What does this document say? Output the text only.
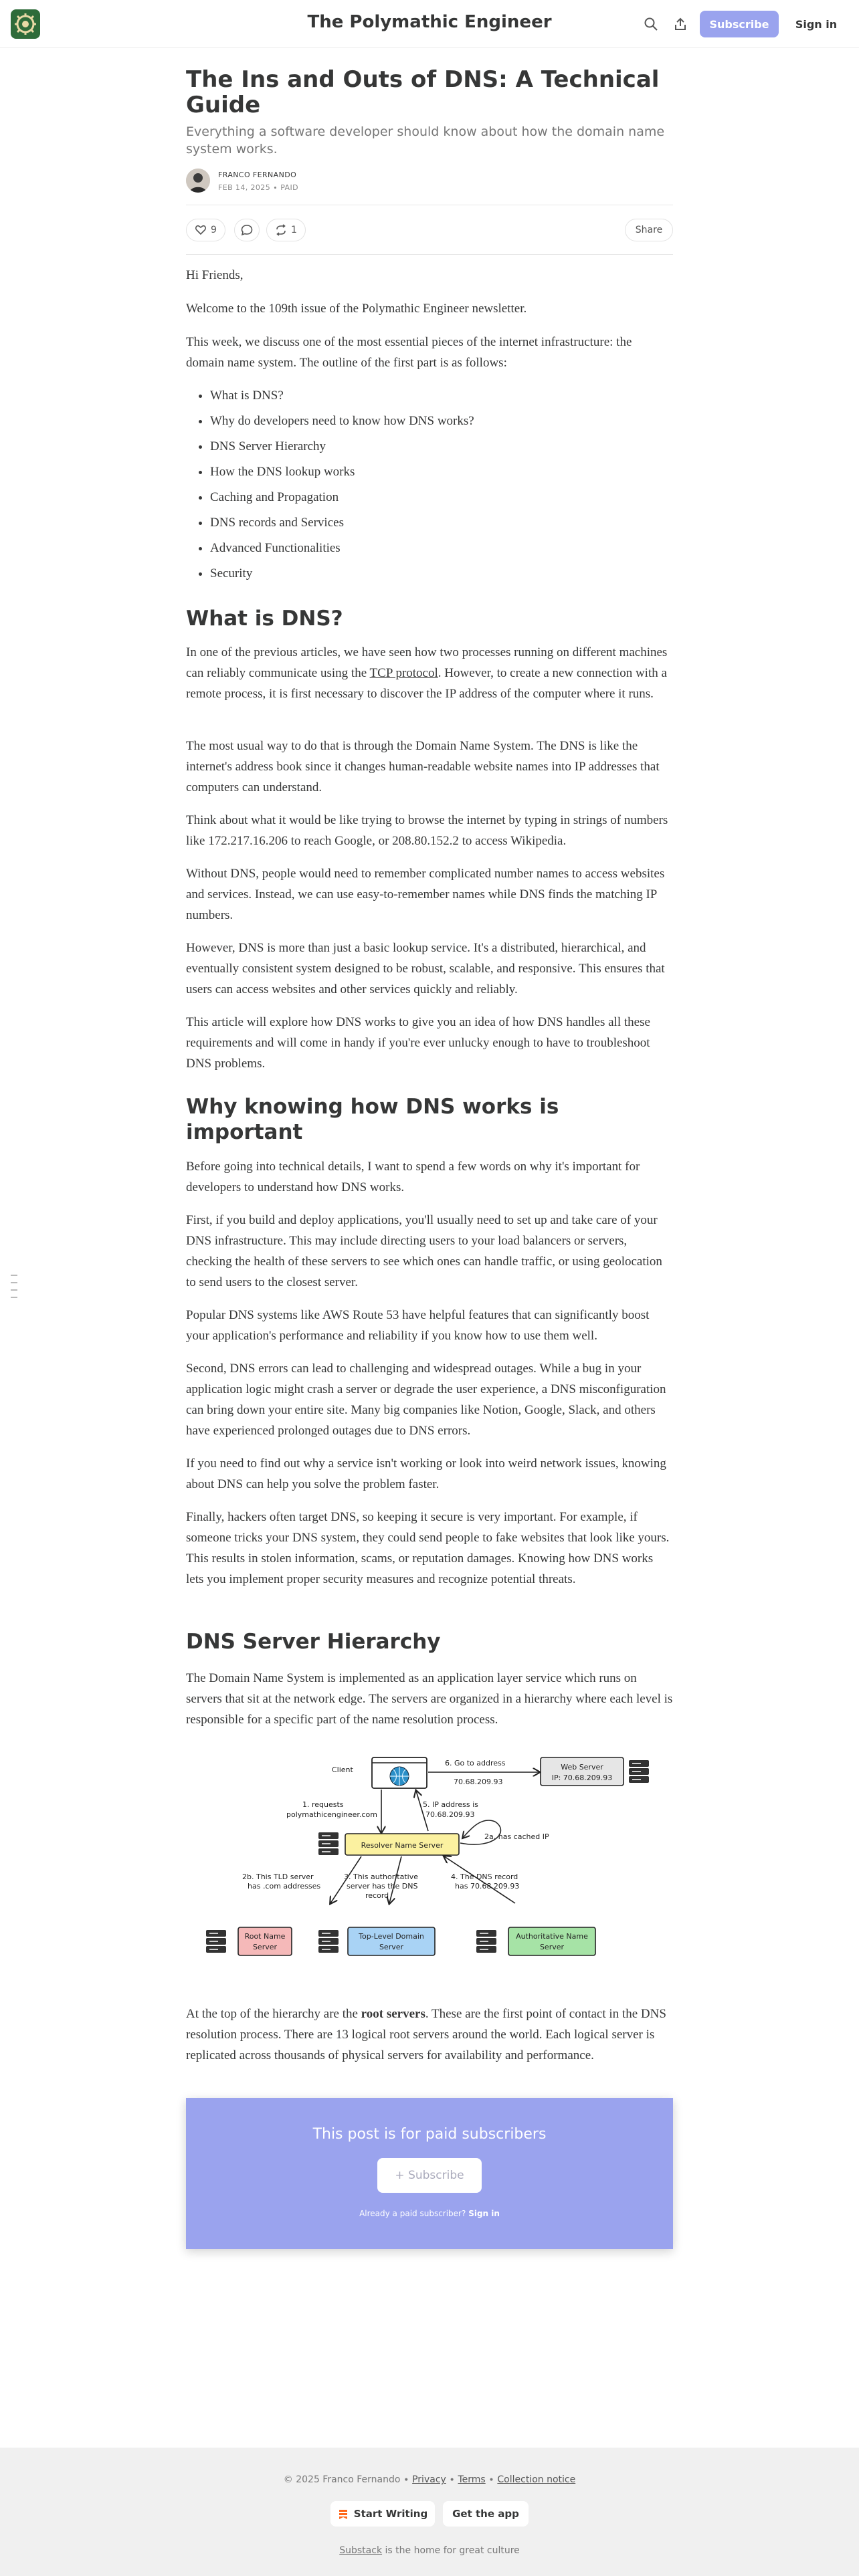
The Polymathic Engineer	Subscribe	Sign in
The Ins and Outs of DNS: A Technical Guide
Everything a software developer should know about how the domain name system works.
FRANCO FERNANDO
FEB 14, 2025 ∙ PAID
9	1	Share

Hi Friends,

Welcome to the 109th issue of the Polymathic Engineer newsletter.

This week, we discuss one of the most essential pieces of the internet infrastructure: the domain name system. The outline of the first part is as follows:

• What is DNS?
• Why do developers need to know how DNS works?
• DNS Server Hierarchy
• How the DNS lookup works
• Caching and Propagation
• DNS records and Services
• Advanced Functionalities
• Security
What is DNS?

In one of the previous articles, we have seen how two processes running on different machines can reliably communicate using the TCP protocol. However, to create a new connection with a remote process, it is first necessary to discover the IP address of the computer where it runs.

The most usual way to do that is through the Domain Name System. The DNS is like the internet's address book since it changes human-readable website names into IP addresses that computers can understand.

Think about what it would be like trying to browse the internet by typing in strings of numbers like 172.217.16.206 to reach Google, or 208.80.152.2 to access Wikipedia.

Without DNS, people would need to remember complicated number names to access websites and services. Instead, we can use easy-to-remember names while DNS finds the matching IP numbers.

However, DNS is more than just a basic lookup service. It's a distributed, hierarchical, and eventually consistent system designed to be robust, scalable, and responsive. This ensures that users can access websites and other services quickly and reliably.

This article will explore how DNS works to give you an idea of how DNS handles all these requirements and will come in handy if you're ever unlucky enough to have to troubleshoot DNS problems.

Why knowing how DNS works is important

Before going into technical details, I want to spend a few words on why it's important for developers to understand how DNS works.

First, if you build and deploy applications, you'll usually need to set up and take care of your DNS infrastructure. This may include directing users to your load balancers or servers, checking the health of these servers to see which ones can handle traffic, or using geolocation to send users to the closest server.

Popular DNS systems like AWS Route 53 have helpful features that can significantly boost your application's performance and reliability if you know how to use them well.

Second, DNS errors can lead to challenging and widespread outages. While a bug in your application logic might crash a server or degrade the user experience, a DNS misconfiguration can bring down your entire site. Many big companies like Notion, Google, Slack, and others have experienced prolonged outages due to DNS errors.

If you need to find out why a service isn't working or look into weird network issues, knowing about DNS can help you solve the problem faster.

Finally, hackers often target DNS, so keeping it secure is very important. For example, if someone tricks your DNS system, they could send people to fake websites that look like yours. This results in stolen information, scams, or reputation damages. Knowing how DNS works lets you implement proper security measures and recognize potential threats.

DNS Server Hierarchy

The Domain Name System is implemented as an application layer service which runs on servers that sit at the network edge. The servers are organized in a hierarchy where each level is responsible for a specific part of the name resolution process.

Client	Web Server
IP: 70.68.209.93
6. Go to address
70.68.209.93
1. requests
polymathicengineer.com
5. IP address is
70.68.209.93
Resolver Name Server
2a. has cached IP
2b. This TLD server
has .com addresses
3. This authoritative
server has the DNS
record
4. The DNS record
has 70.68.209.93
Root Name
Server
Top-Level Domain
Server
Authoritative Name
Server

At the top of the hierarchy are the root servers. These are the first point of contact in the DNS resolution process. There are 13 logical root servers around the world. Each logical server is replicated across thousands of physical servers for availability and performance.

This post is for paid subscribers
+ Subscribe
Already a paid subscriber? Sign in
© 2025 Franco Fernando ∙ Privacy ∙ Terms ∙ Collection notice
Start Writing	Get the app
Substack is the home for great culture
